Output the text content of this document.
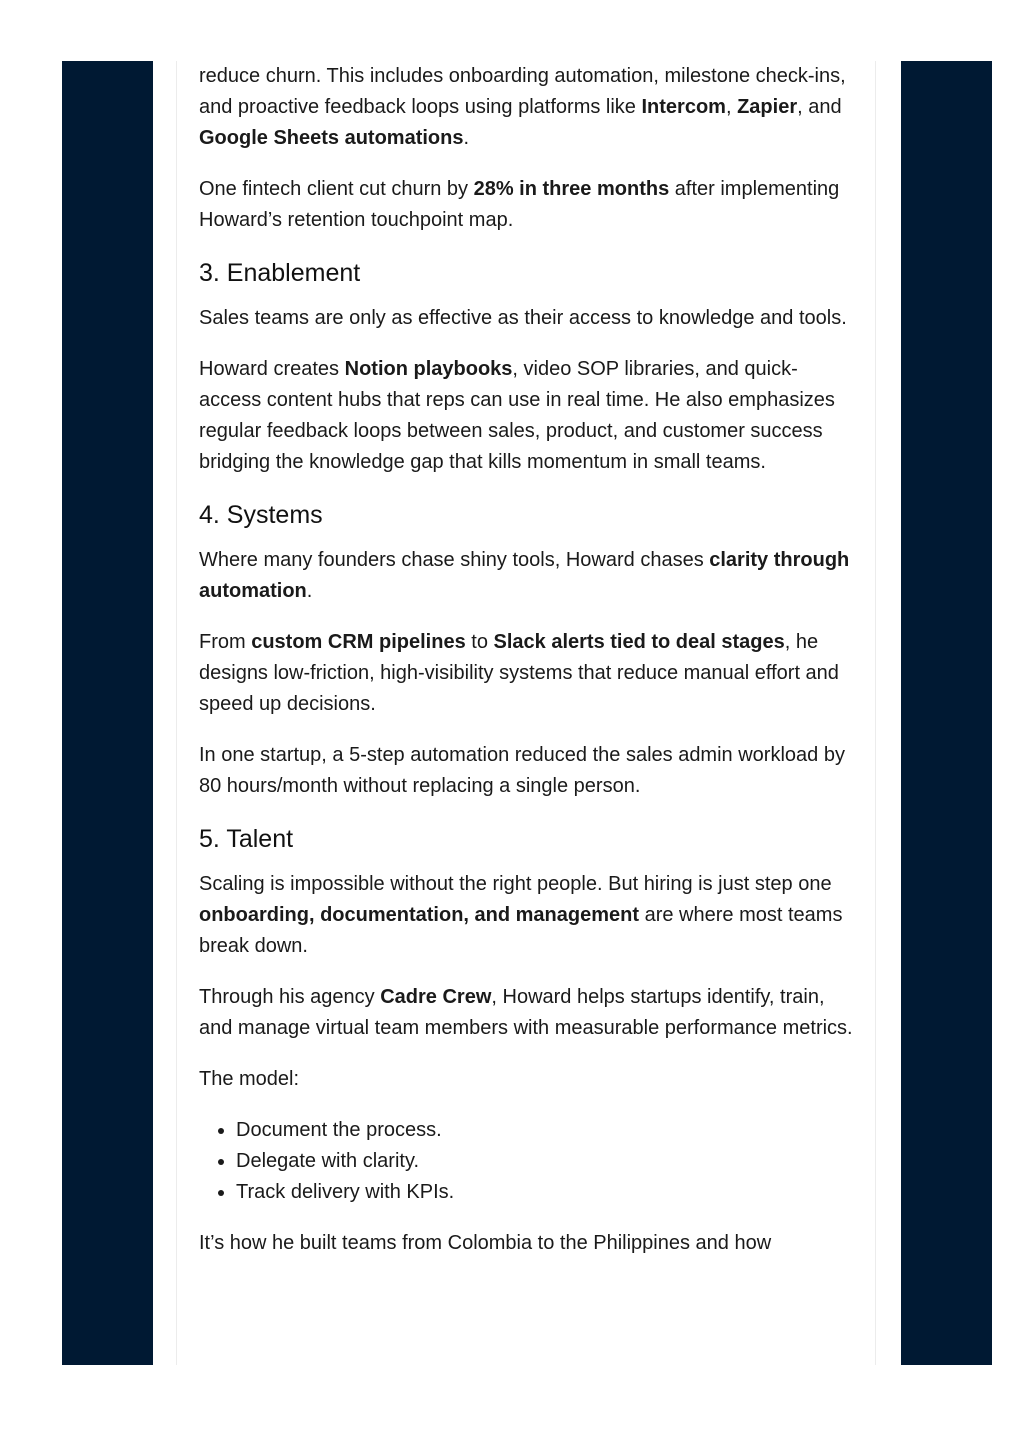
reduce churn. This includes onboarding automation, milestone check-ins, and proactive feedback loops using platforms like Intercom, Zapier, and Google Sheets automations.

One fintech client cut churn by 28% in three months after implementing Howard’s retention touchpoint map.

3. Enablement

Sales teams are only as effective as their access to knowledge and tools.

Howard creates Notion playbooks, video SOP libraries, and quick-access content hubs that reps can use in real time. He also emphasizes regular feedback loops between sales, product, and customer success bridging the knowledge gap that kills momentum in small teams.

4. Systems

Where many founders chase shiny tools, Howard chases clarity through automation.

From custom CRM pipelines to Slack alerts tied to deal stages, he designs low-friction, high-visibility systems that reduce manual effort and speed up decisions.

In one startup, a 5-step automation reduced the sales admin workload by 80 hours/month without replacing a single person.

5. Talent

Scaling is impossible without the right people. But hiring is just step one onboarding, documentation, and management are where most teams break down.

Through his agency Cadre Crew, Howard helps startups identify, train, and manage virtual team members with measurable performance metrics.

The model:

• Document the process.
• Delegate with clarity.
• Track delivery with KPIs.

It’s how he built teams from Colombia to the Philippines and how
